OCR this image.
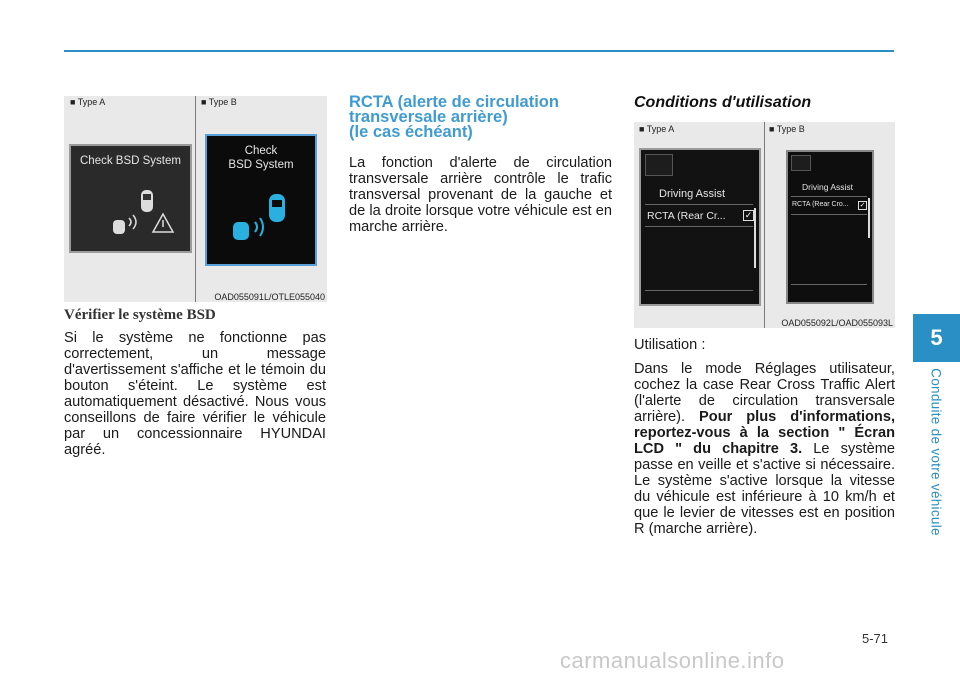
5
Conduite de votre véhicule
■ Type A	■ Type B
Check BSD System
Check
BSD System
OAD055091L/OTLE055040
Vérifier le système BSD

Si le système ne fonctionne pas correctement, un message d'avertissement s'affiche et le témoin du bouton s'éteint. Le système est automatiquement désactivé. Nous vous conseillons de faire vérifier le véhicule par un concessionnaire HYUNDAI agréé.

RCTA (alerte de circulation
transversale arrière)
(le cas échéant)

La fonction d'alerte de circulation transversale arrière contrôle le trafic transversal provenant de la gauche et de la droite lorsque votre véhicule est en marche arrière.

Conditions d'utilisation
■ Type A	■ Type B
Driving Assist
RCTA (Rear Cr... ✓
Driving Assist
RCTA (Rear Cro... ✓
OAD055092L/OAD055093L

Utilisation :

Dans le mode Réglages utilisateur, cochez la case Rear Cross Traffic Alert (l'alerte de circulation transversale arrière). Pour plus d'informations, reportez-vous à la section " Écran LCD " du chapitre 3. Le système passe en veille et s'active si nécessaire. Le système s'active lorsque la vitesse du véhicule est inférieure à 10 km/h et que le levier de vitesses est en position R (marche arrière).

5-71
carmanualsonline.info
